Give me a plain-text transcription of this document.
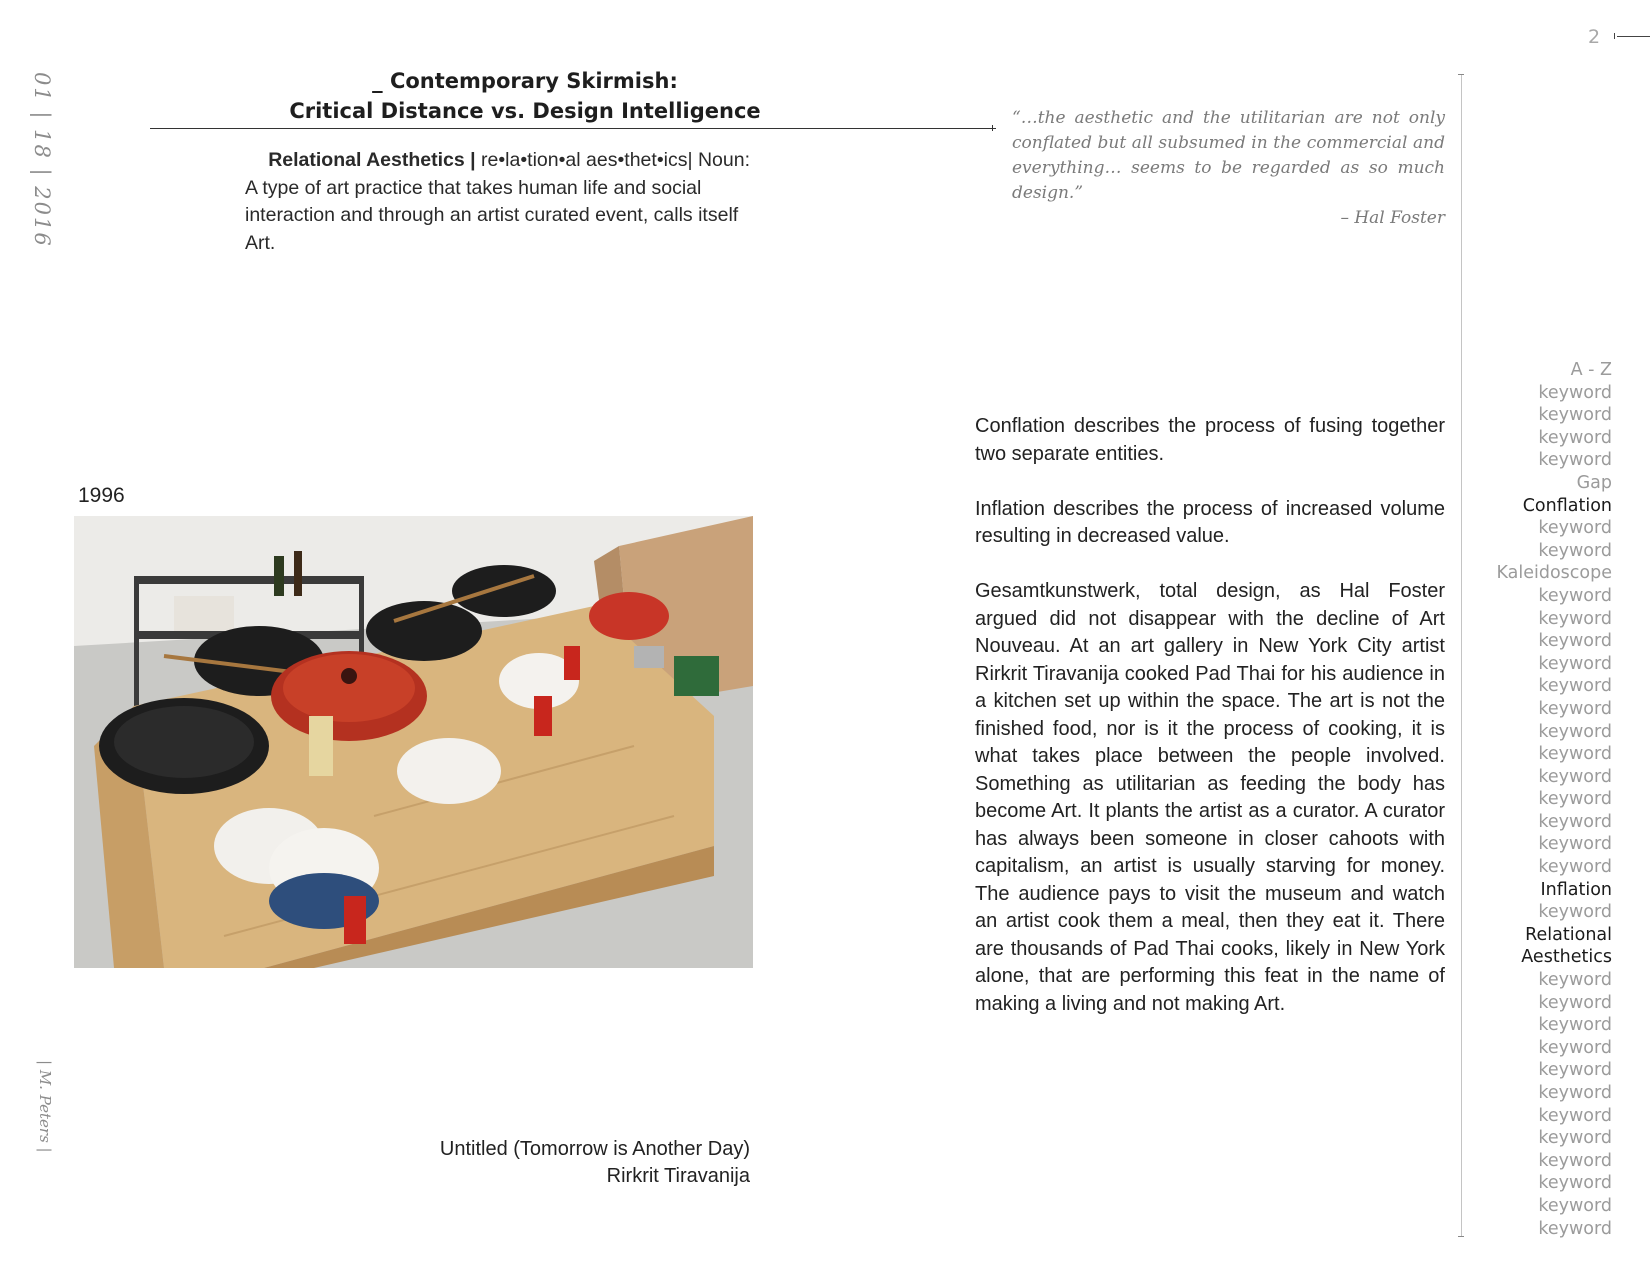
2
01 | 18 | 2016
| M. Peters |
_ Contemporary Skirmish:
Critical Distance vs. Design Intelligence
Relational Aesthetics | re•la•tion•al aes•thet•ics| Noun:
A type of art practice that takes human life and social interaction and through an artist curated event, calls itself Art.
“…the aesthetic and the utilitarian are not only conflated but all subsumed in the commercial and everything… seems to be regarded as so much design.”
– Hal Foster
1996
Untitled (Tomorrow is Another Day)
Rirkrit Tiravanija

Conflation describes the process of fusing together two separate entities.

Inflation describes the process of increased volume resulting in decreased value.

Gesamtkunstwerk, total design, as Hal Foster argued did not disappear with the decline of Art Nouveau. At an art gallery in New York City artist Rirkrit Tiravanija cooked Pad Thai for his audience in a kitchen set up within the space. The art is not the finished food, nor is it the process of cooking, it is what takes place between the people involved. Something as utilitarian as feeding the body has become Art. It plants the artist as a curator. A curator has always been someone in closer cahoots with capitalism, an artist is usually starving for money. The audience pays to visit the museum and watch an artist cook them a meal, then they eat it. There are thousands of Pad Thai cooks, likely in New York alone, that are performing this feat in the name of making a living and not making Art.

A - Z
keyword
keyword
keyword
keyword
Gap
Conflation
keyword
keyword
Kaleidoscope
keyword
keyword
keyword
keyword
keyword
keyword
keyword
keyword
keyword
keyword
keyword
keyword
keyword
Inflation
keyword
Relational
Aesthetics
keyword
keyword
keyword
keyword
keyword
keyword
keyword
keyword
keyword
keyword
keyword
keyword
